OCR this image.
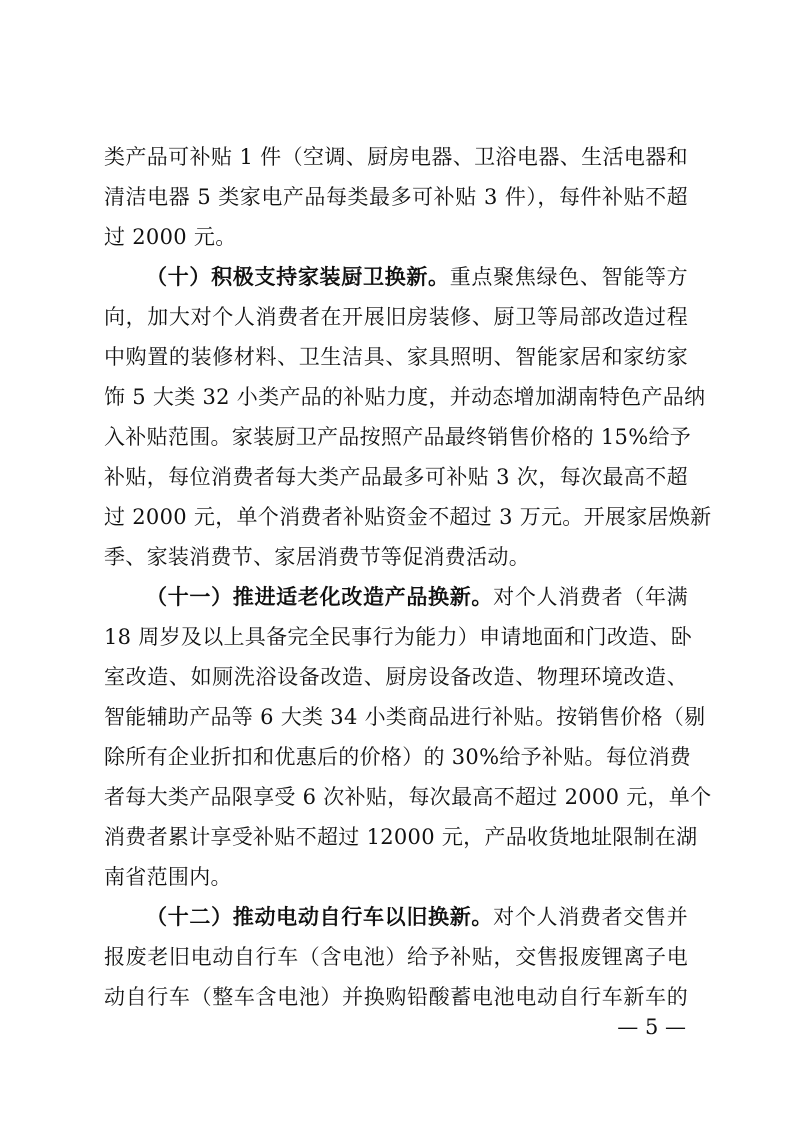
类产品可补贴 1 件（空调、厨房电器、卫浴电器、生活电器和
清洁电器 5 类家电产品每类最多可补贴 3 件），每件补贴不超
过 2000 元。
（十）积极支持家装厨卫换新。重点聚焦绿色、智能等方
向，加大对个人消费者在开展旧房装修、厨卫等局部改造过程
中购置的装修材料、卫生洁具、家具照明、智能家居和家纺家
饰 5 大类 32 小类产品的补贴力度，并动态增加湖南特色产品纳
入补贴范围。家装厨卫产品按照产品最终销售价格的 15%给予
补贴，每位消费者每大类产品最多可补贴 3 次，每次最高不超
过 2000 元，单个消费者补贴资金不超过 3 万元。开展家居焕新
季、家装消费节、家居消费节等促消费活动。
（十一）推进适老化改造产品换新。对个人消费者（年满
18 周岁及以上具备完全民事行为能力）申请地面和门改造、卧
室改造、如厕洗浴设备改造、厨房设备改造、物理环境改造、
智能辅助产品等 6 大类 34 小类商品进行补贴。按销售价格（剔
除所有企业折扣和优惠后的价格）的 30%给予补贴。每位消费
者每大类产品限享受 6 次补贴，每次最高不超过 2000 元，单个
消费者累计享受补贴不超过 12000 元，产品收货地址限制在湖
南省范围内。
（十二）推动电动自行车以旧换新。对个人消费者交售并
报废老旧电动自行车（含电池）给予补贴，交售报废锂离子电
动自行车（整车含电池）并换购铅酸蓄电池电动自行车新车的
— 5 —
